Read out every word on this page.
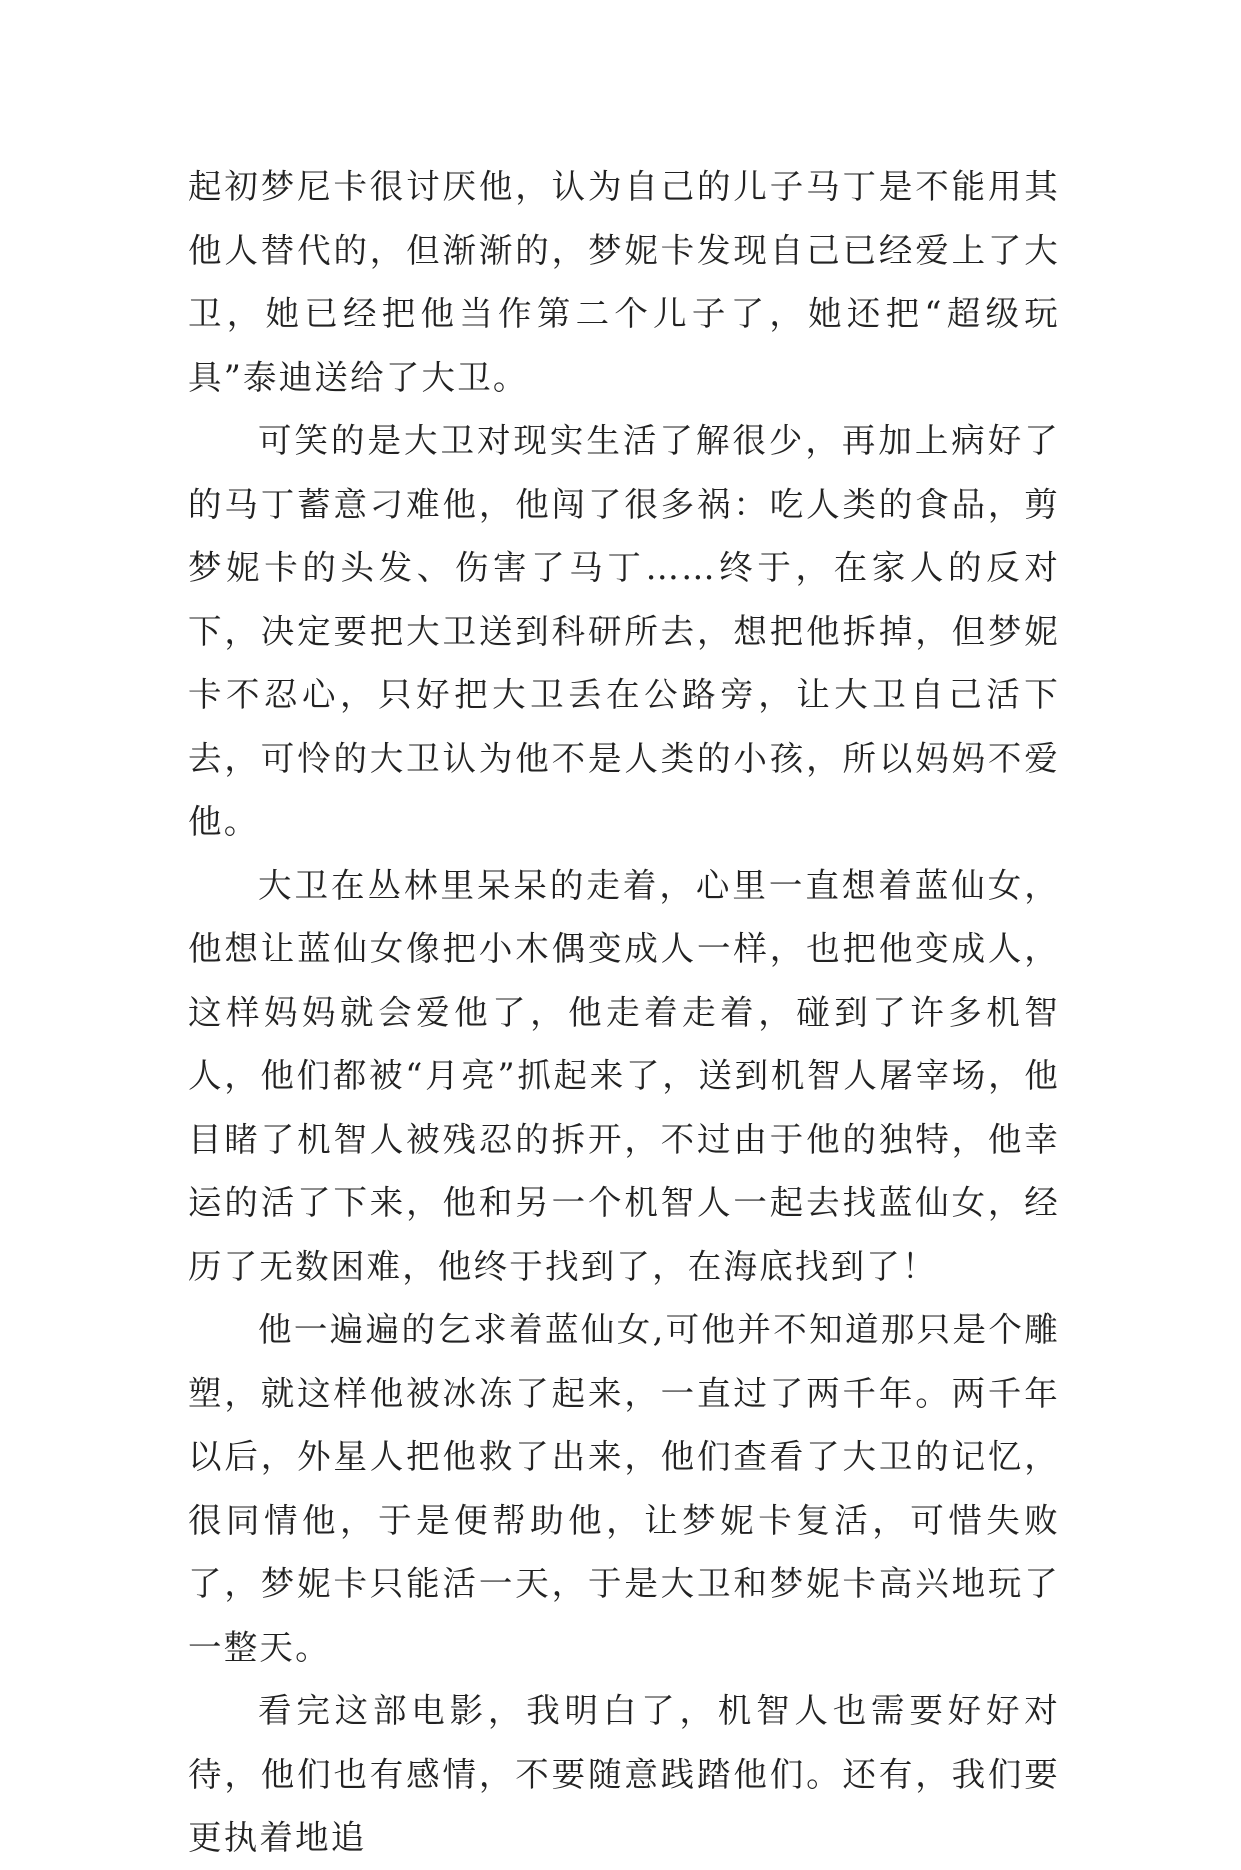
起初梦尼卡很讨厌他，认为自己的儿子马丁是不能用其他人替代的，但渐渐的，梦妮卡发现自己已经爱上了大卫，她已经把他当作第二个儿子了，她还把“超级玩具”泰迪送给了大卫。

可笑的是大卫对现实生活了解很少，再加上病好了的马丁蓄意刁难他，他闯了很多祸：吃人类的食品，剪梦妮卡的头发、伤害了马丁……终于，在家人的反对下，决定要把大卫送到科研所去，想把他拆掉，但梦妮卡不忍心，只好把大卫丢在公路旁，让大卫自己活下去，可怜的大卫认为他不是人类的小孩，所以妈妈不爱他。

大卫在丛林里呆呆的走着，心里一直想着蓝仙女，他想让蓝仙女像把小木偶变成人一样，也把他变成人，这样妈妈就会爱他了，他走着走着，碰到了许多机智人，他们都被“月亮”抓起来了，送到机智人屠宰场，他目睹了机智人被残忍的拆开，不过由于他的独特，他幸运的活了下来，他和另一个机智人一起去找蓝仙女，经历了无数困难，他终于找到了，在海底找到了！

他一遍遍的乞求着蓝仙女,可他并不知道那只是个雕塑，就这样他被冰冻了起来，一直过了两千年。两千年以后，外星人把他救了出来，他们查看了大卫的记忆，很同情他，于是便帮助他，让梦妮卡复活，可惜失败了，梦妮卡只能活一天，于是大卫和梦妮卡高兴地玩了一整天。

看完这部电影，我明白了，机智人也需要好好对待，他们也有感情，不要随意践踏他们。还有，我们要更执着地追
